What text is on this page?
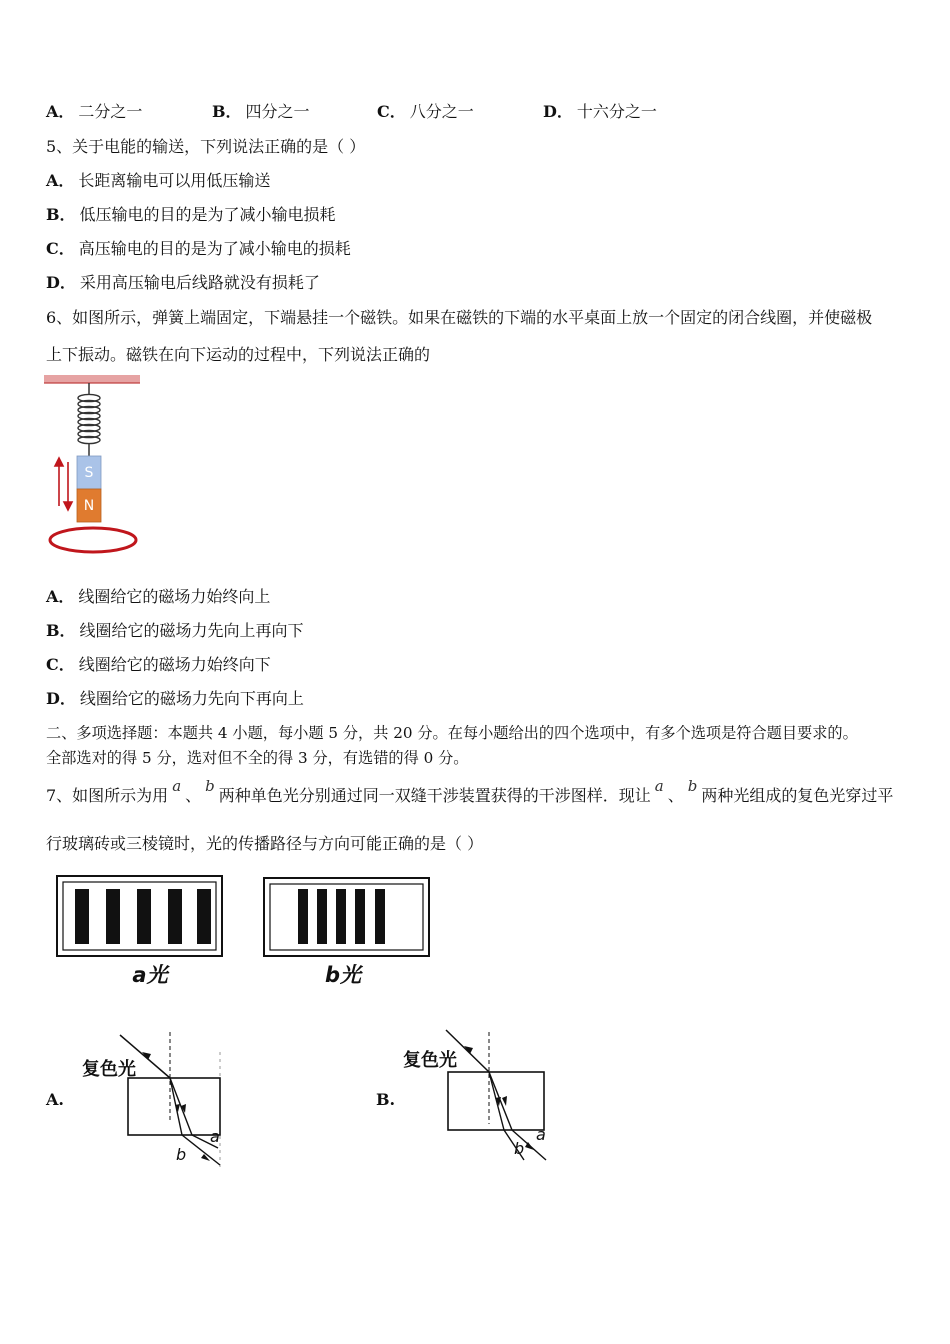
A． 二分之一	B． 四分之一	C． 八分之一	D． 十六分之一
5、关于电能的输送，下列说法正确的是（ ）
A． 长距离输电可以用低压输送
B． 低压输电的目的是为了减小输电损耗
C． 高压输电的目的是为了减小输电的损耗
D． 采用高压输电后线路就没有损耗了
6、如图所示，弹簧上端固定，下端悬挂一个磁铁。如果在磁铁的下端的水平桌面上放一个固定的闭合线圈，并使磁极
上下振动。磁铁在向下运动的过程中，下列说法正确的
S
N
A． 线圈给它的磁场力始终向上
B． 线圈给它的磁场力先向上再向下
C． 线圈给它的磁场力始终向下
D． 线圈给它的磁场力先向下再向上
二、多项选择题：本题共 4 小题，每小题 5 分，共 20 分。在每小题给出的四个选项中，有多个选项是符合题目要求的。
全部选对的得 5 分，选对但不全的得 3 分，有选错的得 0 分。
7、如图所示为用 a 、 b 两种单色光分别通过同一双缝干涉装置获得的干涉图样．现让 a 、 b 两种光组成的复色光穿过平
行玻璃砖或三棱镜时，光的传播路径与方向可能正确的是（ ）
a光	b光
A.
复色光
a
b
B.
复色光
a
b
